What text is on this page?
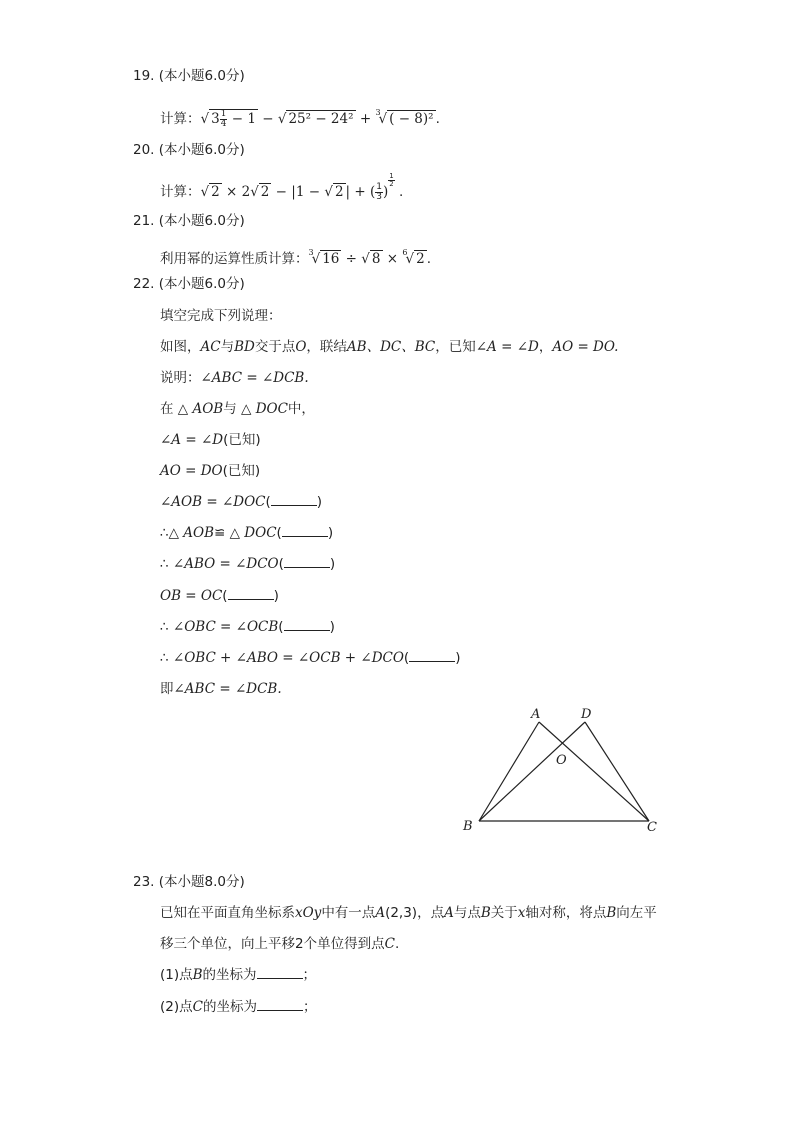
19. (本小题6.0分)
计算：√ $3 \frac{1}{4} - 1$ − √ 25² − 24² + $^3$√ ( − 8)² .
20. (本小题6.0分)
计算：√ 2 × 2√ 2 − |1 − √ 2 | + ( $\frac{1}{3}$ )
$\frac{1}{2}$
.
21. (本小题6.0分)
利用幂的运算性质计算：$^3$√ 16 ÷ √ 8 × $^6$√ 2 .
22. (本小题6.0分)
填空完成下列说理：
如图，AC与BD交于点O，联结AB、DC、BC，已知∠A = ∠D，AO = DO.
说明：∠ABC = ∠DCB.
在 △ AOB与 △ DOC中，
∠A = ∠D(已知)
AO = DO(已知)
∠AOB = ∠DOC(	)
∴△ AOB≌ △ DOC(	)
∴ ∠ABO = ∠DCO(	)
OB = OC(	)
∴ ∠OBC = ∠OCB(	)
∴ ∠OBC + ∠ABO = ∠OCB + ∠DCO(	)
即∠ABC = ∠DCB.
A	D
O
B	C
23. (本小题8.0分)
已知在平面直角坐标系xOy中有一点A(2,3)，点A与点B关于x轴对称，将点B向左平
移三个单位，向上平移2个单位得到点C.
(1)点B的坐标为	；
(2)点C的坐标为	；
